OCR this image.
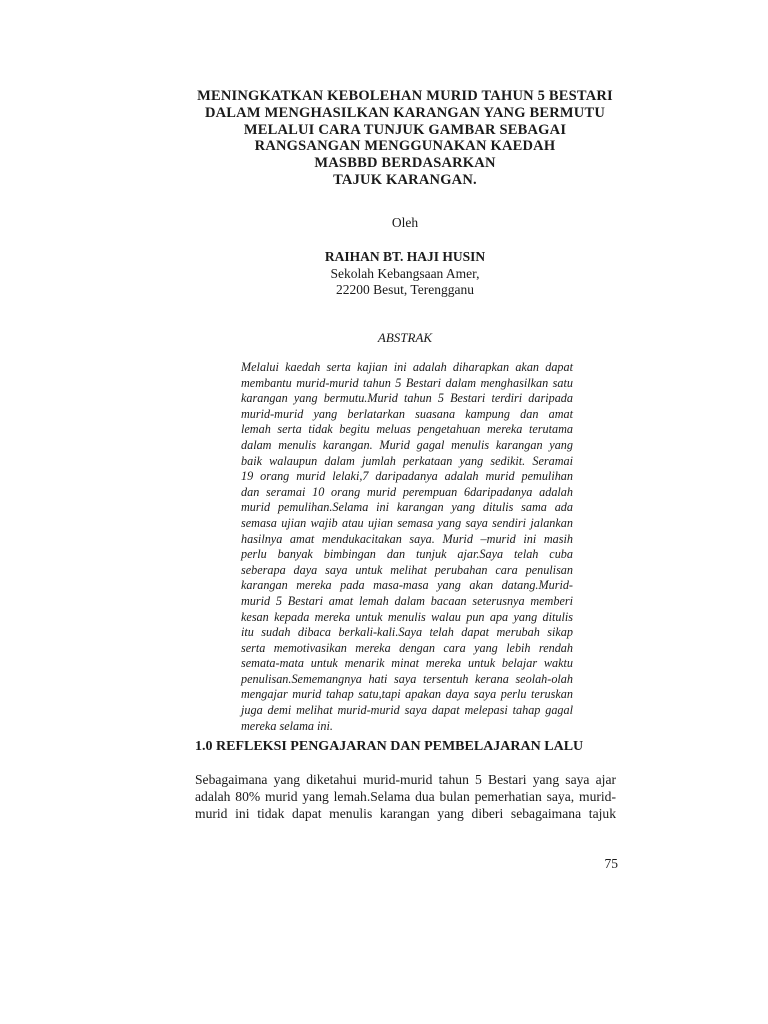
MENINGKATKAN KEBOLEHAN MURID TAHUN 5 BESTARI
DALAM MENGHASILKAN KARANGAN YANG BERMUTU
MELALUI CARA TUNJUK GAMBAR SEBAGAI
RANGSANGAN MENGGUNAKAN KAEDAH
MASBBD BERDASARKAN
TAJUK KARANGAN.
Oleh
RAIHAN BT. HAJI HUSIN
Sekolah Kebangsaan Amer,
22200 Besut, Terengganu
ABSTRAK
Melalui kaedah serta kajian ini adalah diharapkan akan dapat
membantu murid-murid tahun 5 Bestari dalam menghasilkan satu
karangan yang bermutu.Murid tahun 5 Bestari terdiri daripada
murid-murid yang berlatarkan suasana kampung dan amat
lemah serta tidak begitu meluas pengetahuan mereka terutama
dalam menulis karangan. Murid gagal menulis karangan yang
baik walaupun dalam jumlah perkataan yang sedikit. Seramai
19 orang murid lelaki,7 daripadanya adalah murid pemulihan
dan seramai 10 orang murid perempuan 6daripadanya adalah
murid pemulihan.Selama ini karangan yang ditulis sama ada
semasa ujian wajib atau ujian semasa yang saya sendiri jalankan
hasilnya amat mendukacitakan saya. Murid –murid ini masih
perlu banyak bimbingan dan tunjuk ajar.Saya telah cuba
seberapa daya saya untuk melihat perubahan cara penulisan
karangan mereka pada masa-masa yang akan datang.Murid-
murid 5 Bestari amat lemah dalam bacaan seterusnya memberi
kesan kepada mereka untuk menulis walau pun apa yang ditulis
itu sudah dibaca berkali-kali.Saya telah dapat merubah sikap
serta memotivasikan mereka dengan cara yang lebih rendah
semata-mata untuk menarik minat mereka untuk belajar waktu
penulisan.Sememangnya hati saya tersentuh kerana seolah-olah
mengajar murid tahap satu,tapi apakan daya saya perlu teruskan
juga demi melihat murid-murid saya dapat melepasi tahap gagal
mereka selama ini.
1.0 REFLEKSI PENGAJARAN DAN PEMBELAJARAN LALU
Sebagaimana yang diketahui murid-murid tahun 5 Bestari yang saya ajar
adalah 80% murid yang lemah.Selama dua bulan pemerhatian saya, murid-
murid ini tidak dapat menulis karangan yang diberi sebagaimana tajuk
75
